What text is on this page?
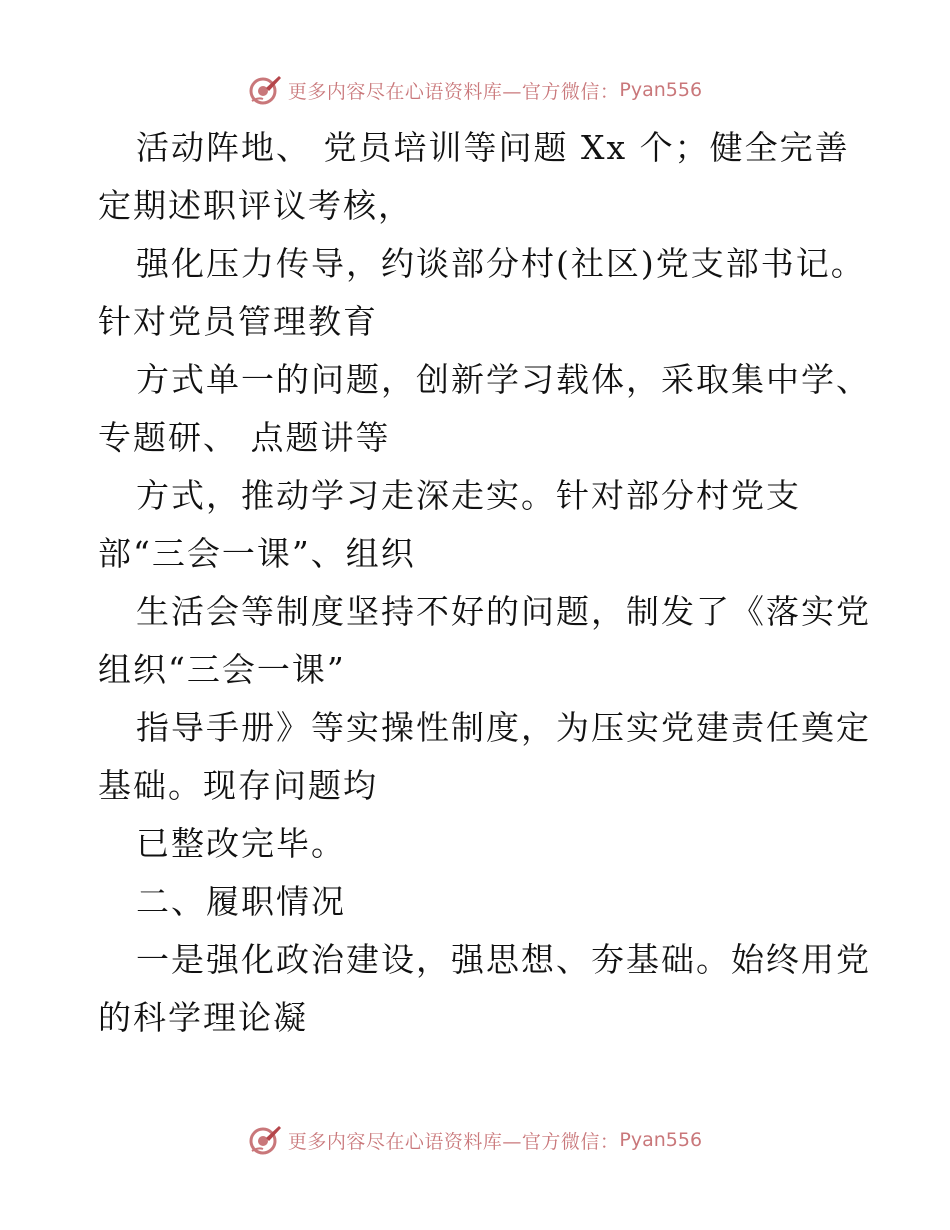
更多内容尽在心语资料库—官方微信： Pyan556
活动阵地、 党员培训等问题 Xx 个；健全完善
定期述职评议考核，
强化压力传导，约谈部分村(社区)党支部书记。
针对党员管理教育
方式单一的问题，创新学习载体，采取集中学、
专题研、 点题讲等
方式，推动学习走深走实。针对部分村党支
部“三会一课”、组织
生活会等制度坚持不好的问题，制发了《落实党
组织“三会一课”
指导手册》等实操性制度，为压实党建责任奠定
基础。现存问题均
已整改完毕。
二、履职情况
一是强化政治建设，强思想、夯基础。始终用党
的科学理论凝
更多内容尽在心语资料库—官方微信： Pyan556
